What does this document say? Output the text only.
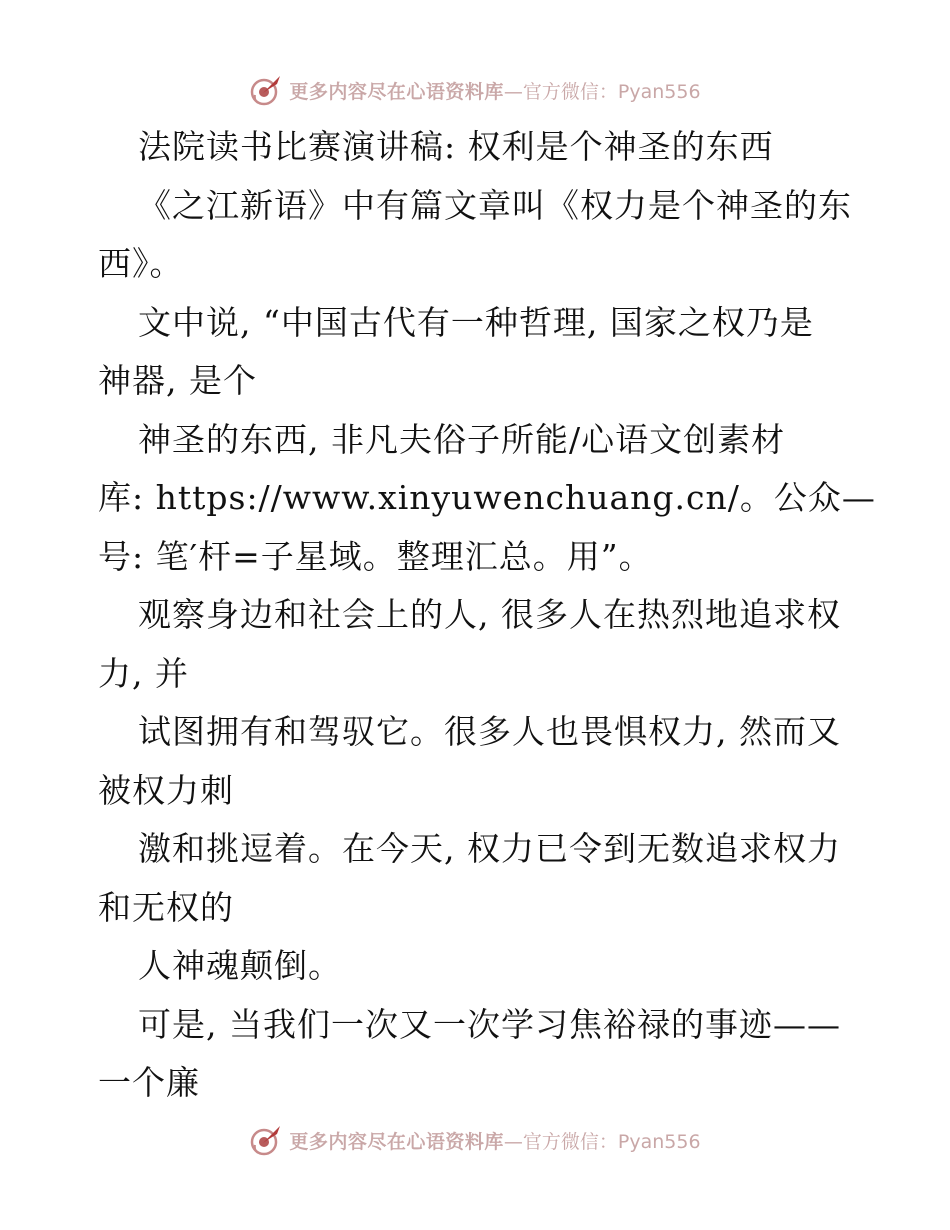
更多内容尽在心语资料库 —官方微信：Pyan556
法院读书比赛演讲稿: 权利是个神圣的东西
《之江新语》中有篇文章叫《权力是个神圣的东
西》。
文中说, “中国古代有一种哲理, 国家之权乃是
神器, 是个
神圣的东西, 非凡夫俗子所能/心语文创素材
库: https://www.xinyuwenchuang.cn/。公众—
号: 笔′杆=子星域。整理汇总。用”。
观察身边和社会上的人, 很多人在热烈地追求权
力, 并
试图拥有和驾驭它。很多人也畏惧权力, 然而又
被权力刺
激和挑逗着。在今天, 权力已令到无数追求权力
和无权的
人神魂颠倒。
可是, 当我们一次又一次学习焦裕禄的事迹——
一个廉
更多内容尽在心语资料库 —官方微信：Pyan556
